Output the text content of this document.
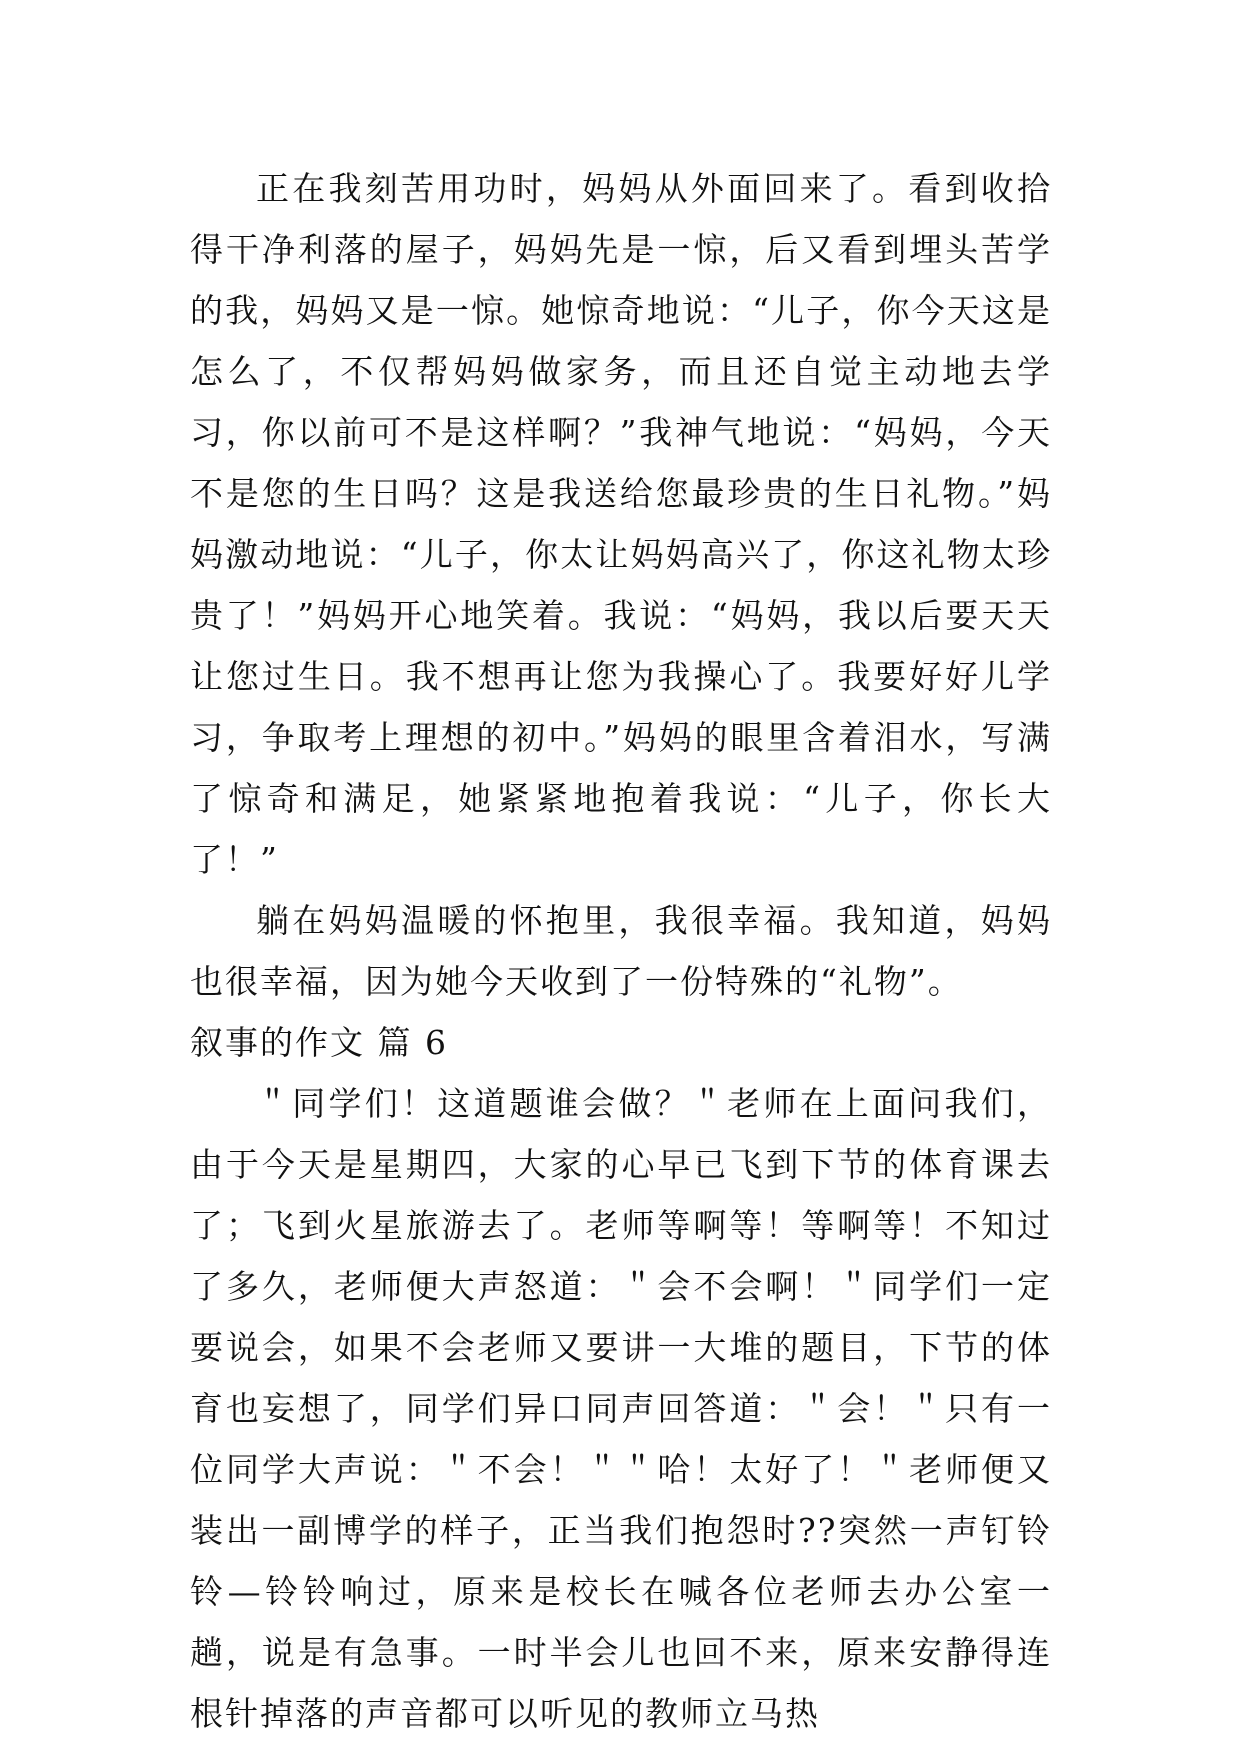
正在我刻苦用功时，妈妈从外面回来了。看到收拾得干净利落的屋子，妈妈先是一惊，后又看到埋头苦学的我，妈妈又是一惊。她惊奇地说：“儿子，你今天这是怎么了，不仅帮妈妈做家务，而且还自觉主动地去学习，你以前可不是这样啊？”我神气地说：“妈妈，今天不是您的生日吗？这是我送给您最珍贵的生日礼物。”妈妈激动地说：“儿子，你太让妈妈高兴了，你这礼物太珍贵了！”妈妈开心地笑着。我说：“妈妈，我以后要天天让您过生日。我不想再让您为我操心了。我要好好儿学习，争取考上理想的初中。”妈妈的眼里含着泪水，写满了惊奇和满足，她紧紧地抱着我说：“儿子，你长大了！”

躺在妈妈温暖的怀抱里，我很幸福。我知道，妈妈也很幸福，因为她今天收到了一份特殊的“礼物”。

叙事的作文 篇 6

＂同学们！这道题谁会做？＂老师在上面问我们，由于今天是星期四，大家的心早已飞到下节的体育课去了；飞到火星旅游去了。老师等啊等！等啊等！不知过了多久，老师便大声怒道：＂会不会啊！＂同学们一定要说会，如果不会老师又要讲一大堆的题目，下节的体育也妄想了，同学们异口同声回答道：＂会！＂只有一位同学大声说：＂不会！＂＂哈！太好了！＂老师便又装出一副博学的样子，正当我们抱怨时??突然一声钉铃铃—铃铃响过，原来是校长在喊各位老师去办公室一趟，说是有急事。一时半会儿也回不来，原来安静得连根针掉落的声音都可以听见的教师立马热
